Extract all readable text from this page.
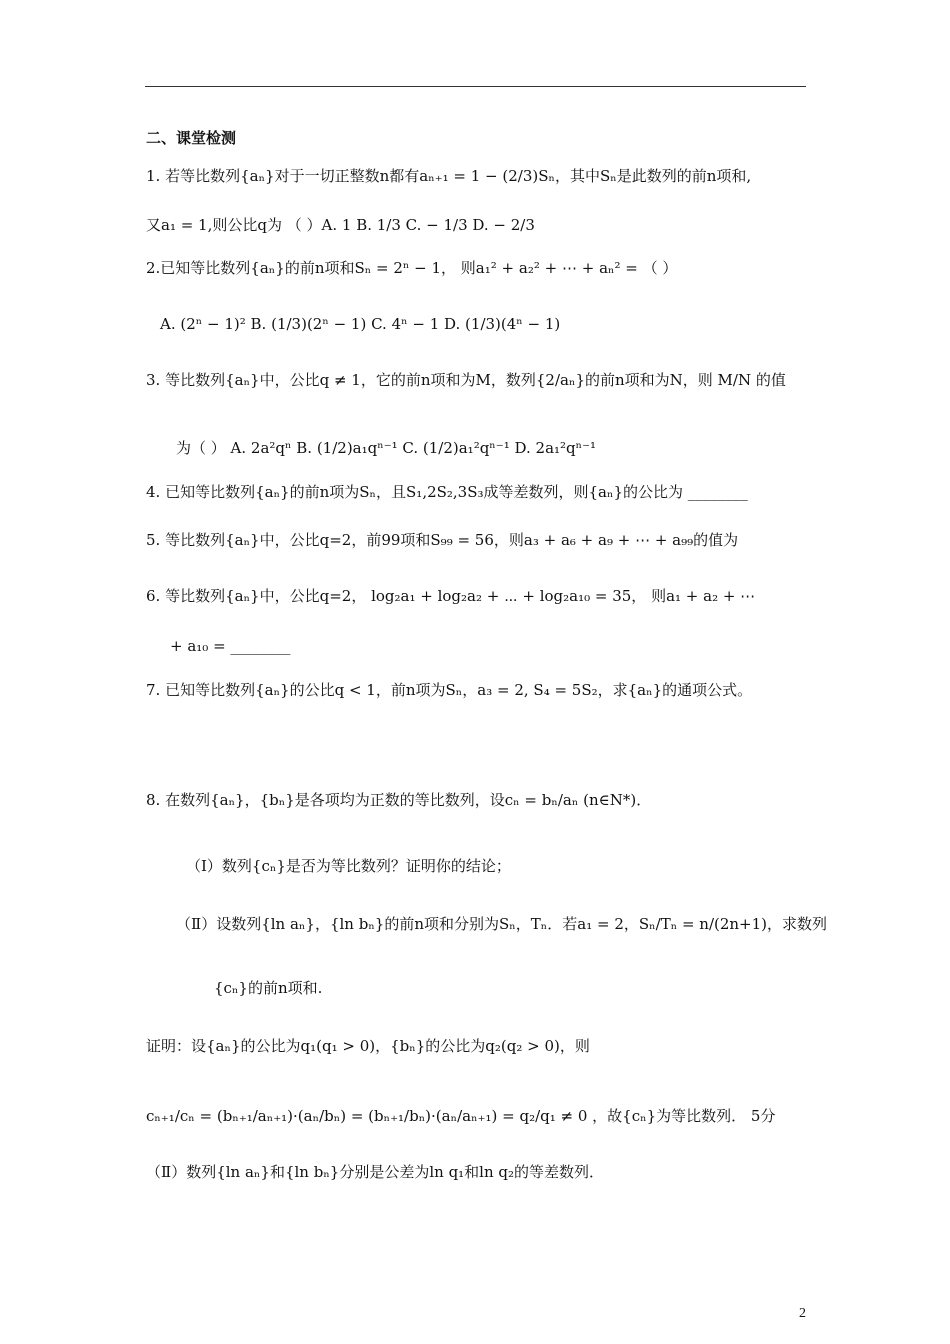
二、课堂检测
1. 若等比数列{aₙ}对于一切正整数n都有aₙ₊₁ = 1 − (2/3)Sₙ，其中Sₙ是此数列的前n项和,
又a₁ = 1,则公比q为 （ ）A. 1 B. 1/3 C. − 1/3 D. − 2/3
2.已知等比数列{aₙ}的前n项和Sₙ = 2ⁿ − 1， 则a₁² + a₂² + ⋯ + aₙ² = （ ）
A. (2ⁿ − 1)² B. (1/3)(2ⁿ − 1) C. 4ⁿ − 1 D. (1/3)(4ⁿ − 1)
3. 等比数列{aₙ}中，公比q ≠ 1，它的前n项和为M，数列{2/aₙ}的前n项和为N，则 M/N 的值
为（ ） A. 2a²qⁿ B. (1/2)a₁qⁿ⁻¹ C. (1/2)a₁²qⁿ⁻¹ D. 2a₁²qⁿ⁻¹
4. 已知等比数列{aₙ}的前n项为Sₙ，且S₁,2S₂,3S₃成等差数列，则{aₙ}的公比为 ________
5. 等比数列{aₙ}中，公比q=2，前99项和S₉₉ = 56，则a₃ + a₆ + a₉ + ⋯ + a₉₉的值为
6. 等比数列{aₙ}中，公比q=2， log₂a₁ + log₂a₂ + ⋯ + log₂a₁₀ = 35， 则a₁ + a₂ + ⋯
+ a₁₀ = ________
7. 已知等比数列{aₙ}的公比q < 1，前n项为Sₙ，a₃ = 2, S₄ = 5S₂，求{aₙ}的通项公式。
8. 在数列{aₙ}，{bₙ}是各项均为正数的等比数列，设cₙ = bₙ/aₙ (n∈N*)．
（Ⅰ）数列{cₙ}是否为等比数列？证明你的结论；
（Ⅱ）设数列{ln aₙ}，{ln bₙ}的前n项和分别为Sₙ，Tₙ．若a₁ = 2，Sₙ/Tₙ = n/(2n+1)，求数列
{cₙ}的前n项和.
证明：设{aₙ}的公比为q₁(q₁ > 0)，{bₙ}的公比为q₂(q₂ > 0)，则
cₙ₊₁/cₙ = (bₙ₊₁/aₙ₊₁)·(aₙ/bₙ) = (bₙ₊₁/bₙ)·(aₙ/aₙ₊₁) = q₂/q₁ ≠ 0 ，故{cₙ}为等比数列． 5分
（Ⅱ）数列{ln aₙ}和{ln bₙ}分别是公差为ln q₁和ln q₂的等差数列．
2
